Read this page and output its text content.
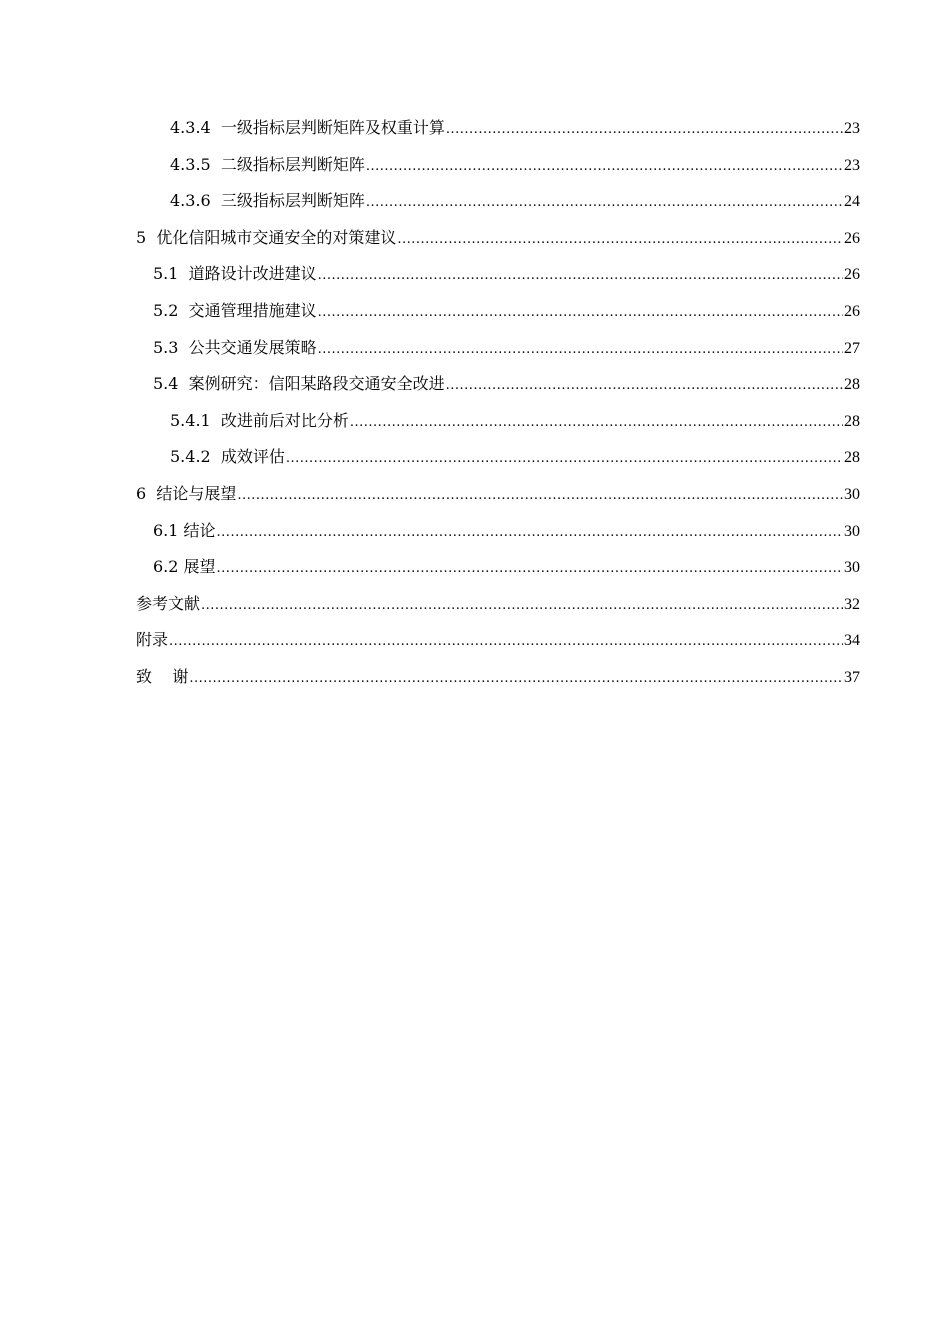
4.3.4  一级指标层判断矩阵及权重计算 .....	23
4.3.5  二级指标层判断矩阵 .....	23
4.3.6  三级指标层判断矩阵 .....	24
5  优化信阳城市交通安全的对策建议 .....	26
5.1  道路设计改进建议 .....	26
5.2  交通管理措施建议 .....	26
5.3  公共交通发展策略 .....	27
5.4  案例研究：信阳某路段交通安全改进 .....	28
5.4.1  改进前后对比分析 .....	28
5.4.2  成效评估 .....	28
6  结论与展望 .....	30
6.1 结论 .....	30
6.2 展望 .....	30
参考文献 .....	32
附录 .....	34
致    谢 .....	37
